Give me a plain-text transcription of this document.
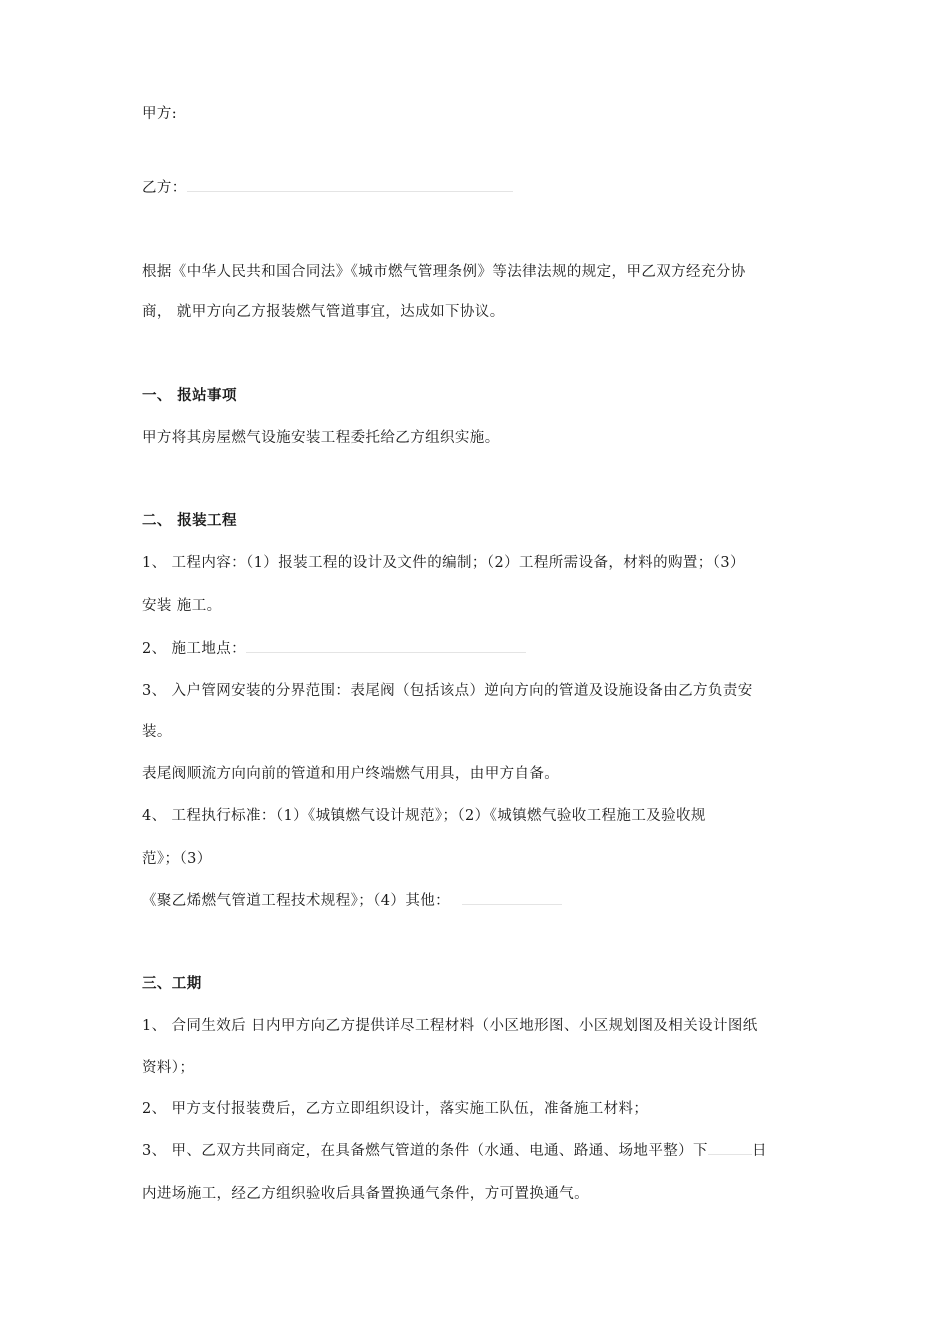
甲方:
乙方：
根据《中华人民共和国合同法》《城市燃气管理条例》等法律法规的规定，甲乙双方经充分协
商， 就甲方向乙方报装燃气管道事宜，达成如下协议。
一、 报站事项
甲方将其房屋燃气设施安装工程委托给乙方组织实施。
二、 报装工程
1、 工程内容：（1）报装工程的设计及文件的编制；（2）工程所需设备，材料的购置；（3）
安装 施工。
2、 施工地点：
3、 入户管网安装的分界范围：表尾阀（包括该点）逆向方向的管道及设施设备由乙方负责安
装。
表尾阀顺流方向向前的管道和用户终端燃气用具，由甲方自备。
4、 工程执行标准：（1）《城镇燃气设计规范》；（2）《城镇燃气验收工程施工及验收规
范》；（3）
《聚乙烯燃气管道工程技术规程》；（4）其他：
三、工期
1、 合同生效后 日内甲方向乙方提供详尽工程材料（小区地形图、小区规划图及相关设计图纸
资料）；
2、 甲方支付报装费后，乙方立即组织设计，落实施工队伍，准备施工材料；
3、 甲、乙双方共同商定，在具备燃气管道的条件（水通、电通、路通、场地平整）下	日
内进场施工，经乙方组织验收后具备置换通气条件，方可置换通气。
